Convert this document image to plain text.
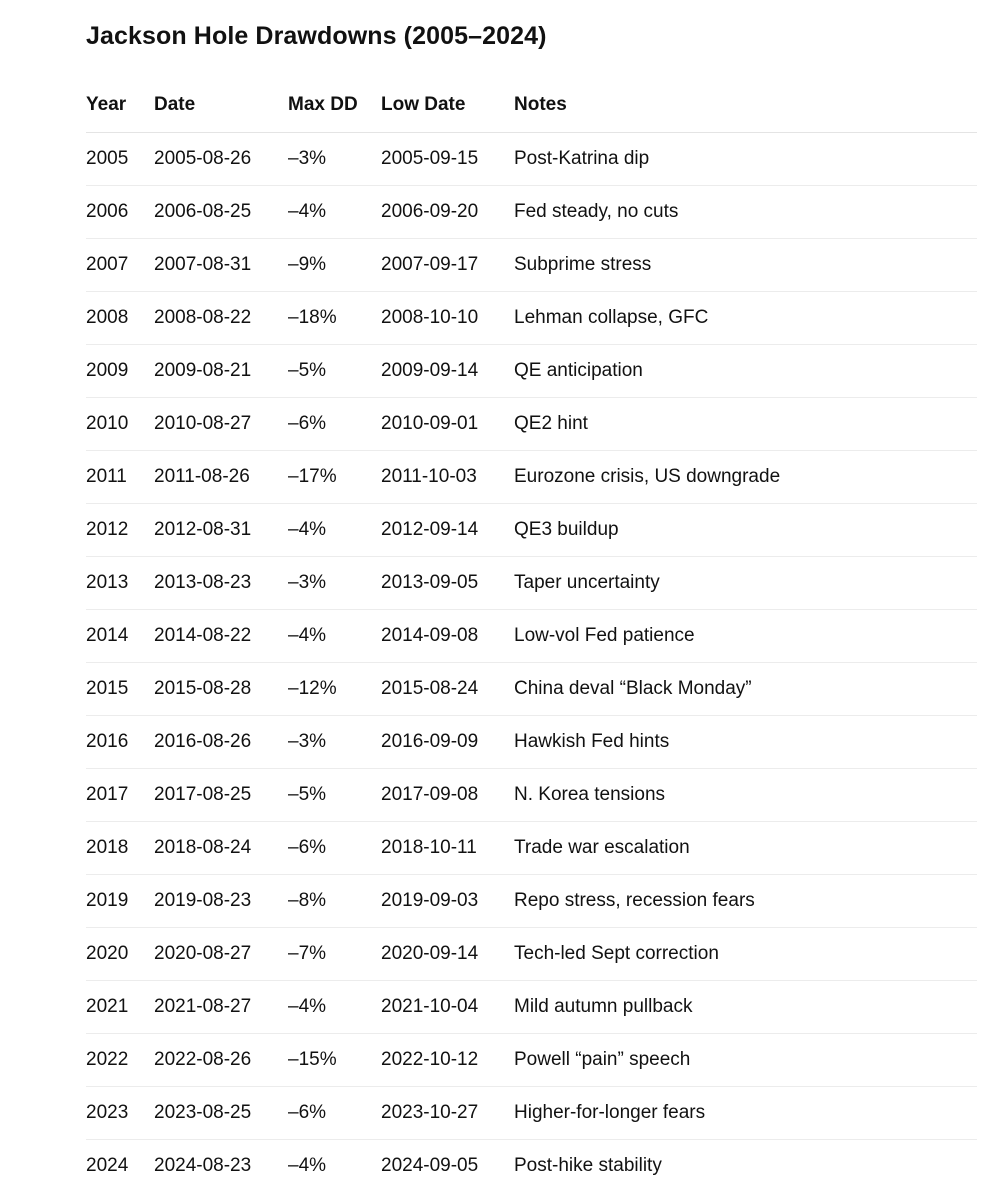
Jackson Hole Drawdowns (2005–2024)
Year	Date	Max DD	Low Date	Notes
2005	2005-08-26	–3%	2005-09-15	Post-Katrina dip
2006	2006-08-25	–4%	2006-09-20	Fed steady, no cuts
2007	2007-08-31	–9%	2007-09-17	Subprime stress
2008	2008-08-22	–18%	2008-10-10	Lehman collapse, GFC
2009	2009-08-21	–5%	2009-09-14	QE anticipation
2010	2010-08-27	–6%	2010-09-01	QE2 hint
2011	2011-08-26	–17%	2011-10-03	Eurozone crisis, US downgrade
2012	2012-08-31	–4%	2012-09-14	QE3 buildup
2013	2013-08-23	–3%	2013-09-05	Taper uncertainty
2014	2014-08-22	–4%	2014-09-08	Low-vol Fed patience
2015	2015-08-28	–12%	2015-08-24	China deval “Black Monday”
2016	2016-08-26	–3%	2016-09-09	Hawkish Fed hints
2017	2017-08-25	–5%	2017-09-08	N. Korea tensions
2018	2018-08-24	–6%	2018-10-11	Trade war escalation
2019	2019-08-23	–8%	2019-09-03	Repo stress, recession fears
2020	2020-08-27	–7%	2020-09-14	Tech-led Sept correction
2021	2021-08-27	–4%	2021-10-04	Mild autumn pullback
2022	2022-08-26	–15%	2022-10-12	Powell “pain” speech
2023	2023-08-25	–6%	2023-10-27	Higher-for-longer fears
2024	2024-08-23	–4%	2024-09-05	Post-hike stability
